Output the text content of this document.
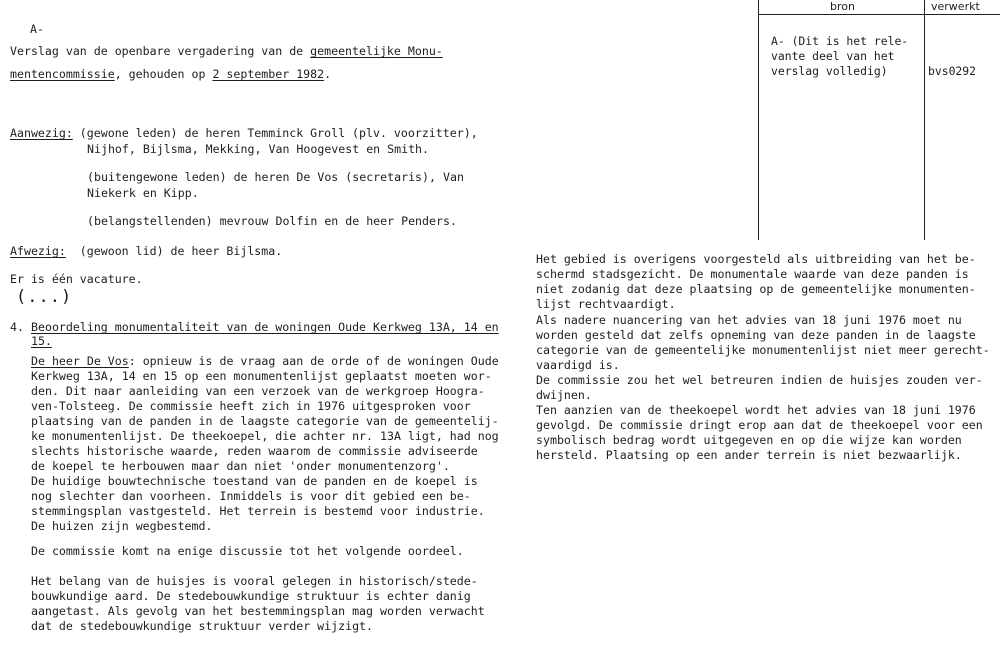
A-
Verslag van de openbare vergadering van de gemeentelijke Monu-
mentencommissie, gehouden op 2 september 1982.
bron	verwerkt
A- (Dit is het rele-
vante deel van het
verslag volledig)	bvs0292
Aanwezig: (gewone leden) de heren Temminck Groll (plv. voorzitter),
Nijhof, Bijlsma, Mekking, Van Hoogevest en Smith.
(buitengewone leden) de heren De Vos (secretaris), Van
Niekerk en Kipp.
(belangstellenden) mevrouw Dolfin en de heer Penders.
Afwezig:  (gewoon lid) de heer Bijlsma.
Er is één vacature.
(...)
4. Beoordeling monumentaliteit van de woningen Oude Kerkweg 13A, 14 en
15.
De heer De Vos: opnieuw is de vraag aan de orde of de woningen Oude
Kerkweg 13A, 14 en 15 op een monumentenlijst geplaatst moeten wor-
den. Dit naar aanleiding van een verzoek van de werkgroep Hoogra-
ven-Tolsteeg. De commissie heeft zich in 1976 uitgesproken voor
plaatsing van de panden in de laagste categorie van de gemeentelij-
ke monumentenlijst. De theekoepel, die achter nr. 13A ligt, had nog
slechts historische waarde, reden waarom de commissie adviseerde
de koepel te herbouwen maar dan niet 'onder monumentenzorg'.
De huidige bouwtechnische toestand van de panden en de koepel is
nog slechter dan voorheen. Inmiddels is voor dit gebied een be-
stemmingsplan vastgesteld. Het terrein is bestemd voor industrie.
De huizen zijn wegbestemd.
De commissie komt na enige discussie tot het volgende oordeel.
Het belang van de huisjes is vooral gelegen in historisch/stede-
bouwkundige aard. De stedebouwkundige struktuur is echter danig
aangetast. Als gevolg van het bestemmingsplan mag worden verwacht
dat de stedebouwkundige struktuur verder wijzigt.
Het gebied is overigens voorgesteld als uitbreiding van het be-
schermd stadsgezicht. De monumentale waarde van deze panden is
niet zodanig dat deze plaatsing op de gemeentelijke monumenten-
lijst rechtvaardigt.
Als nadere nuancering van het advies van 18 juni 1976 moet nu
worden gesteld dat zelfs opneming van deze panden in de laagste
categorie van de gemeentelijke monumentenlijst niet meer gerecht-
vaardigd is.
De commissie zou het wel betreuren indien de huisjes zouden ver-
dwijnen.
Ten aanzien van de theekoepel wordt het advies van 18 juni 1976
gevolgd. De commissie dringt erop aan dat de theekoepel voor een
symbolisch bedrag wordt uitgegeven en op die wijze kan worden
hersteld. Plaatsing op een ander terrein is niet bezwaarlijk.
